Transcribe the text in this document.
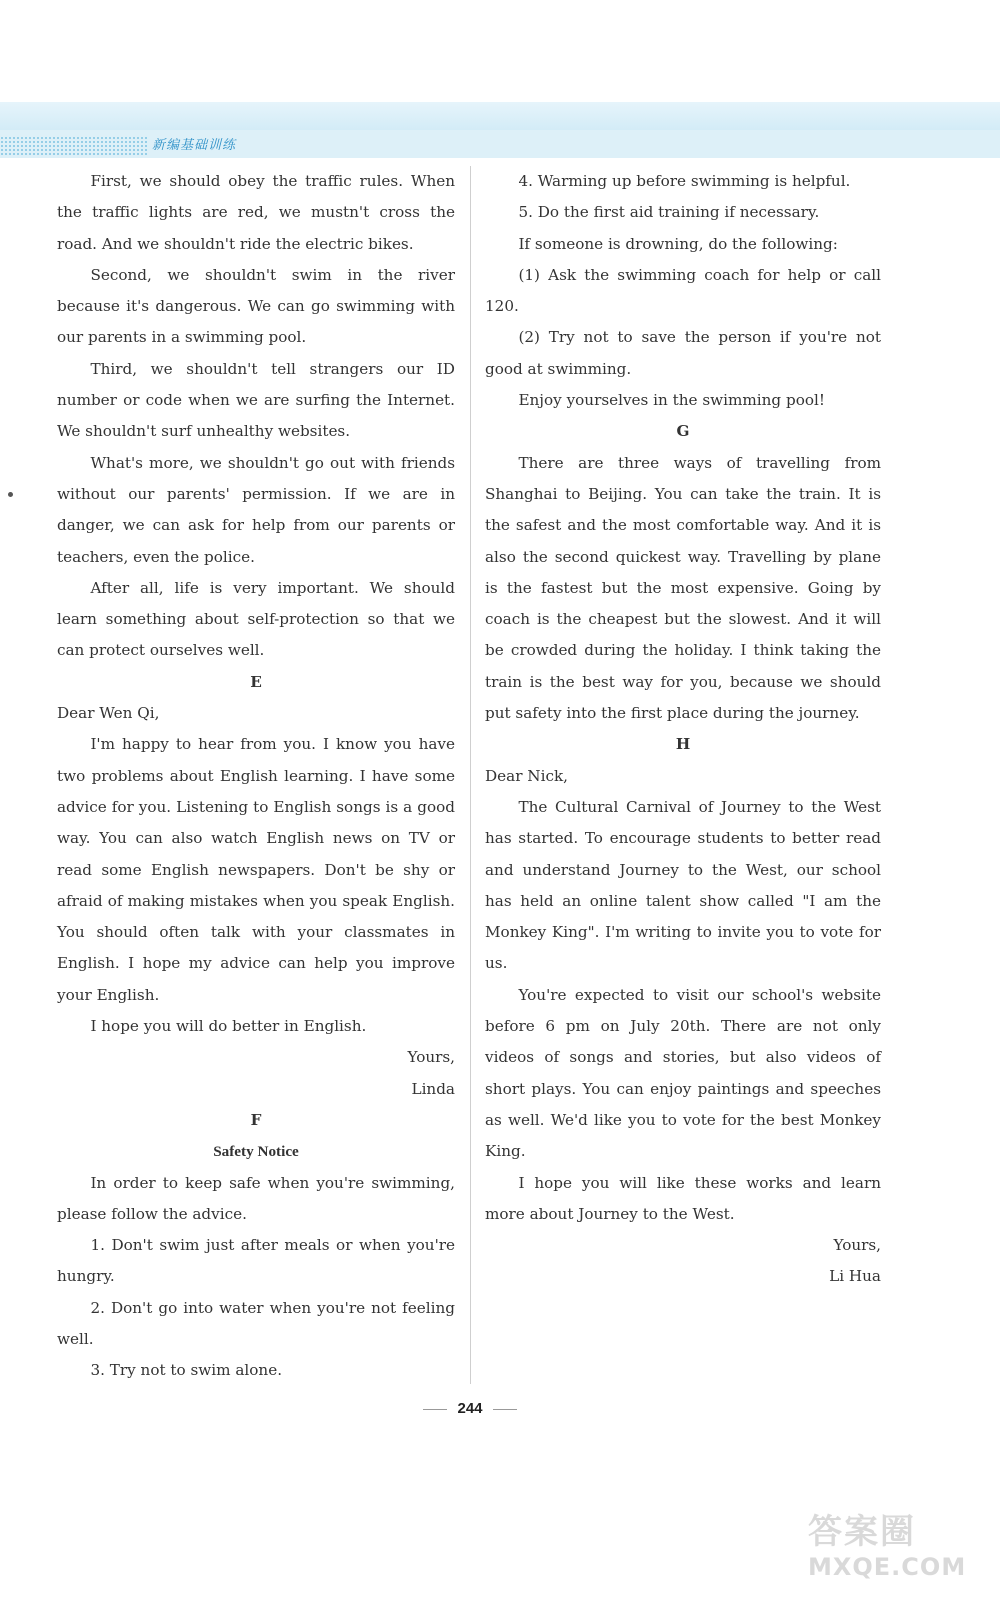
新编基础训练

First, we should obey the traffic rules. When the traffic lights are red, we mustn't cross the road. And we shouldn't ride the electric bikes.

Second, we shouldn't swim in the river because it's dangerous. We can go swimming with our parents in a swimming pool.

Third, we shouldn't tell strangers our ID number or code when we are surfing the Internet. We shouldn't surf unhealthy websites.

What's more, we shouldn't go out with friends without our parents' permission. If we are in danger, we can ask for help from our parents or teachers, even the police.

After all, life is very important. We should learn something about self-protection so that we can protect ourselves well.

E

Dear Wen Qi,

I'm happy to hear from you. I know you have two problems about English learning. I have some advice for you. Listening to English songs is a good way. You can also watch English news on TV or read some English newspapers. Don't be shy or afraid of making mistakes when you speak English. You should often talk with your classmates in English. I hope my advice can help you improve your English.

I hope you will do better in English.

Yours,

Linda

F

Safety Notice

In order to keep safe when you're swimming, please follow the advice.

1. Don't swim just after meals or when you're hungry.

2. Don't go into water when you're not feeling well.

3. Try not to swim alone.

4. Warming up before swimming is helpful.

5. Do the first aid training if necessary.

If someone is drowning, do the following:

(1) Ask the swimming coach for help or call 120.

(2) Try not to save the person if you're not good at swimming.

Enjoy yourselves in the swimming pool!

G

There are three ways of travelling from Shanghai to Beijing. You can take the train. It is the safest and the most comfortable way. And it is also the second quickest way. Travelling by plane is the fastest but the most expensive. Going by coach is the cheapest but the slowest. And it will be crowded during the holiday. I think taking the train is the best way for you, because we should put safety into the first place during the journey.

H

Dear Nick,

The Cultural Carnival of Journey to the West has started. To encourage students to better read and understand Journey to the West, our school has held an online talent show called "I am the Monkey King". I'm writing to invite you to vote for us.

You're expected to visit our school's website before 6 pm on July 20th. There are not only videos of songs and stories, but also videos of short plays. You can enjoy paintings and speeches as well. We'd like you to vote for the best Monkey King.

I hope you will like these works and learn more about Journey to the West.

Yours,

Li Hua

244
答案圈
MXQE.COM
